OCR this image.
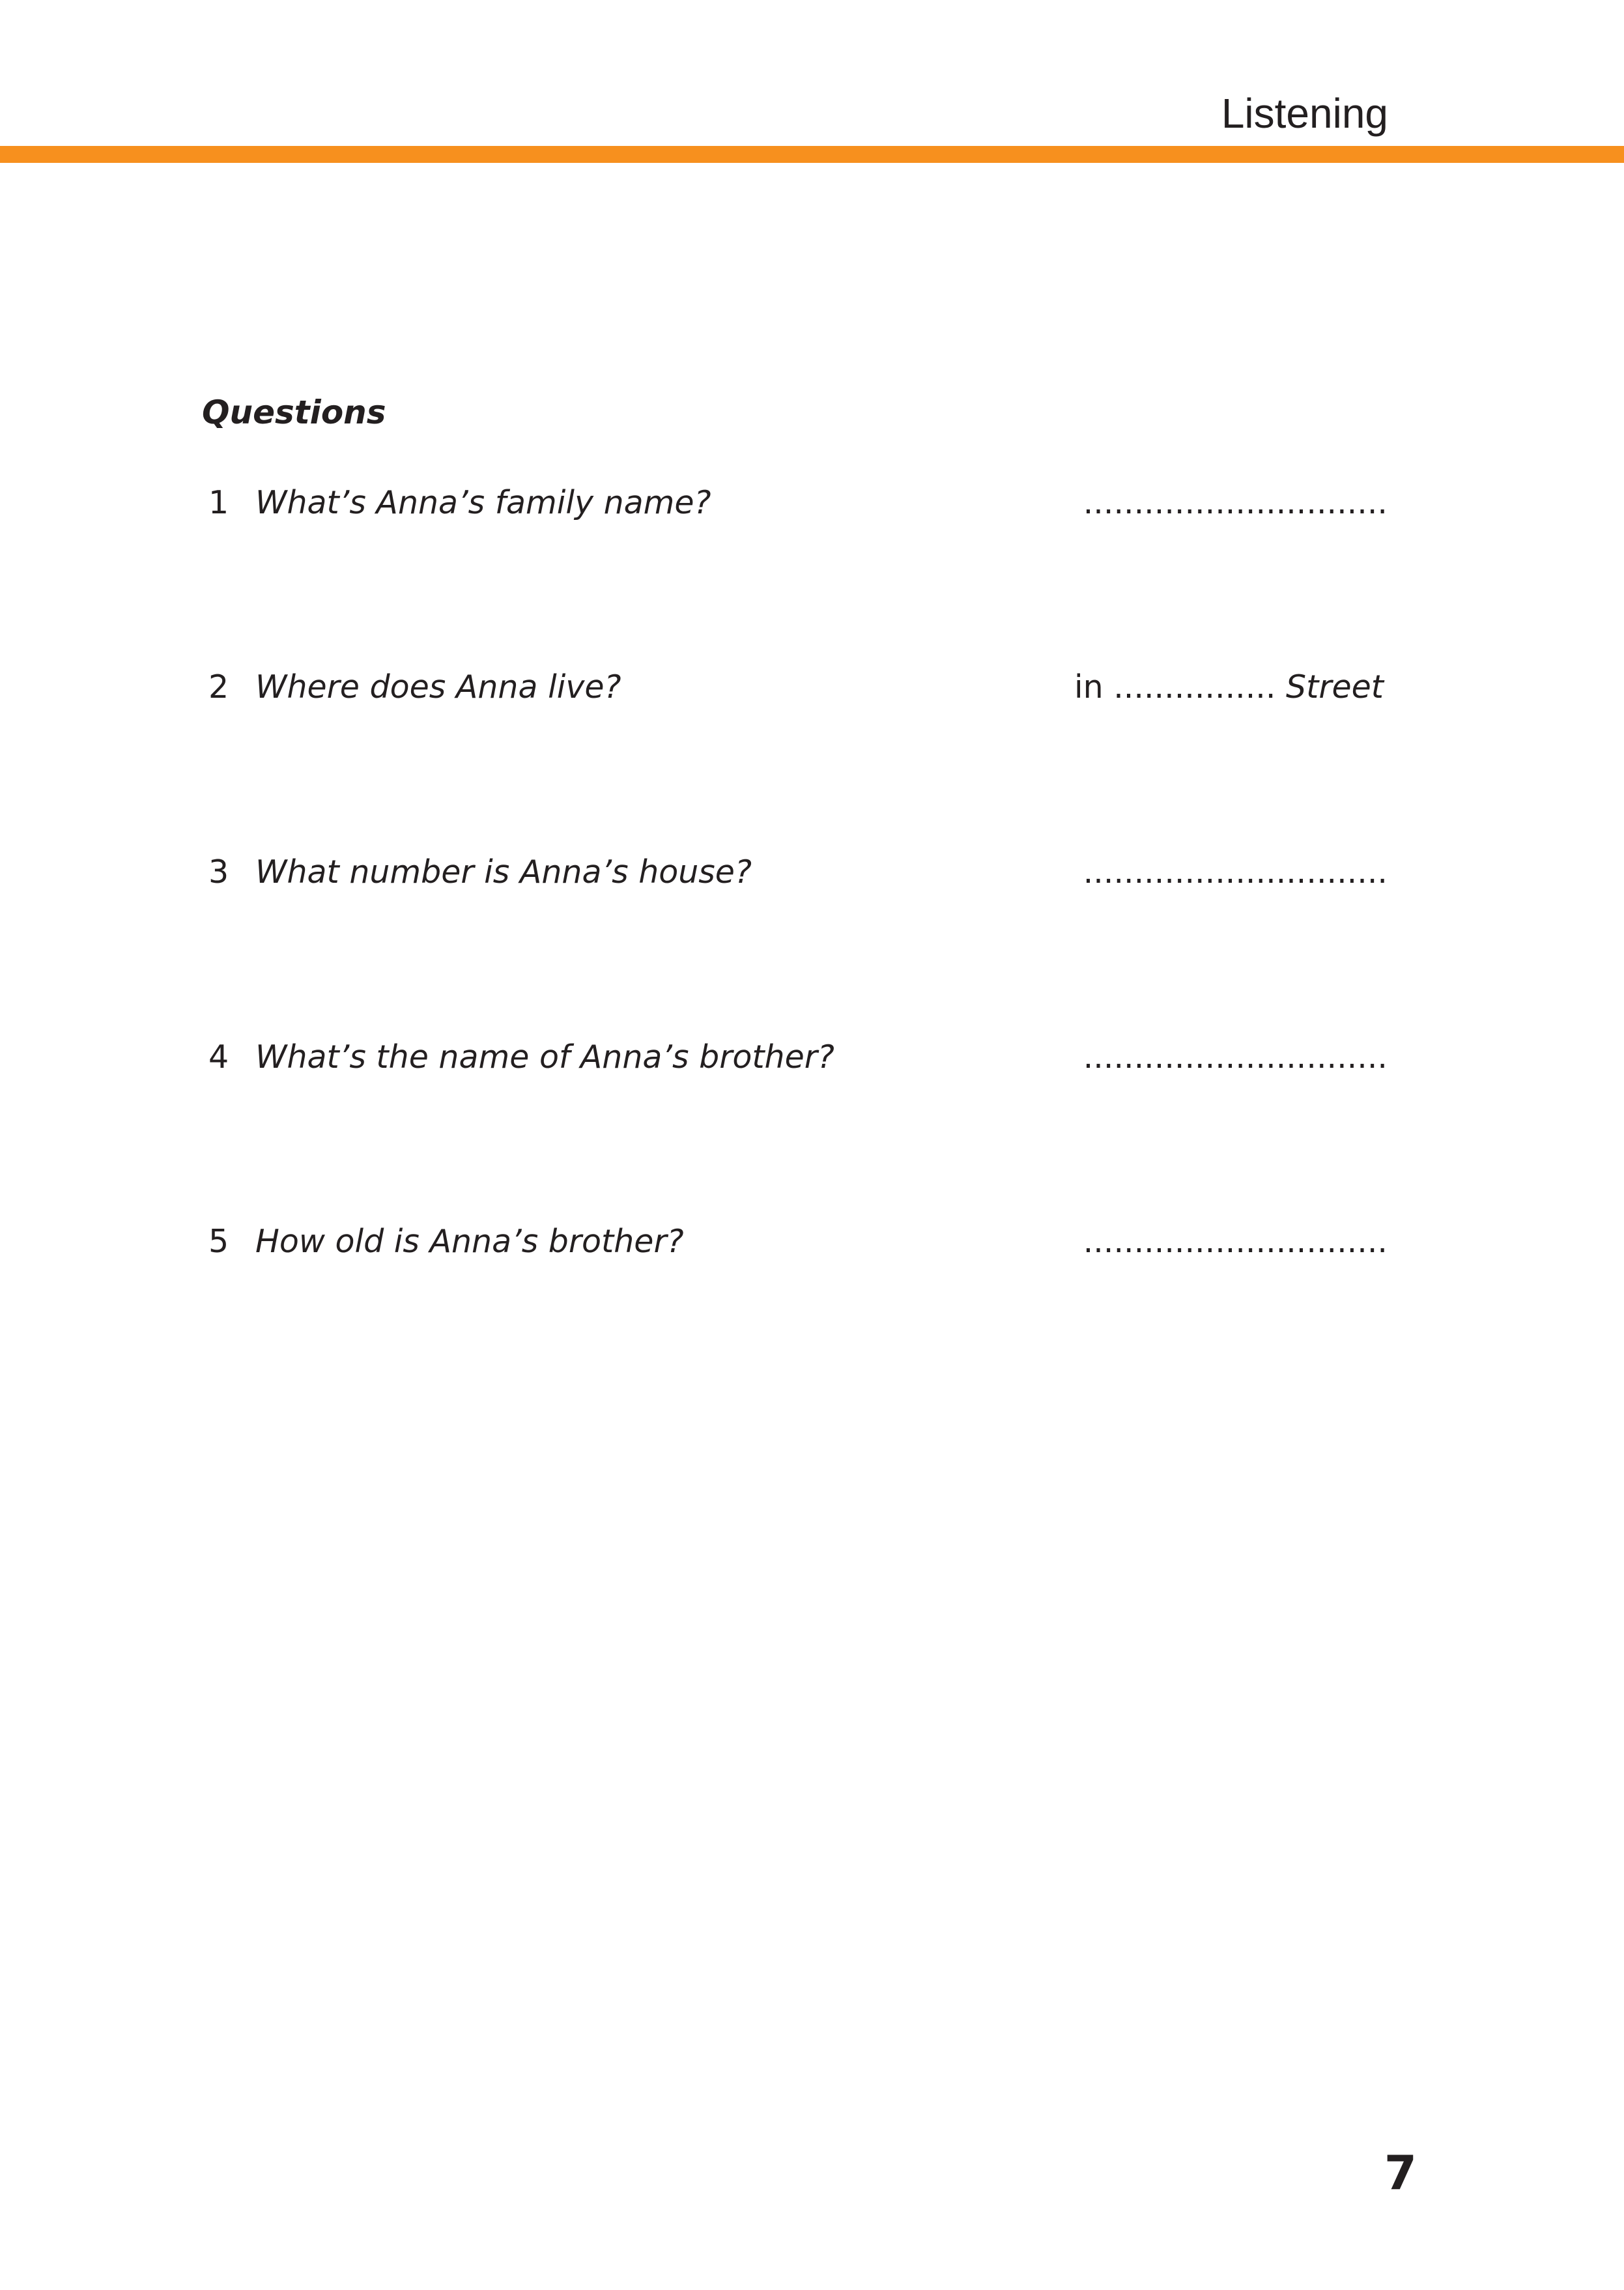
Listening
Questions
1 What’s Anna’s family name?	..............................
2 Where does Anna live?	in ................ Street
3 What number is Anna’s house?	..............................
4 What’s the name of Anna’s brother?	..............................
5 How old is Anna’s brother?	..............................
7
